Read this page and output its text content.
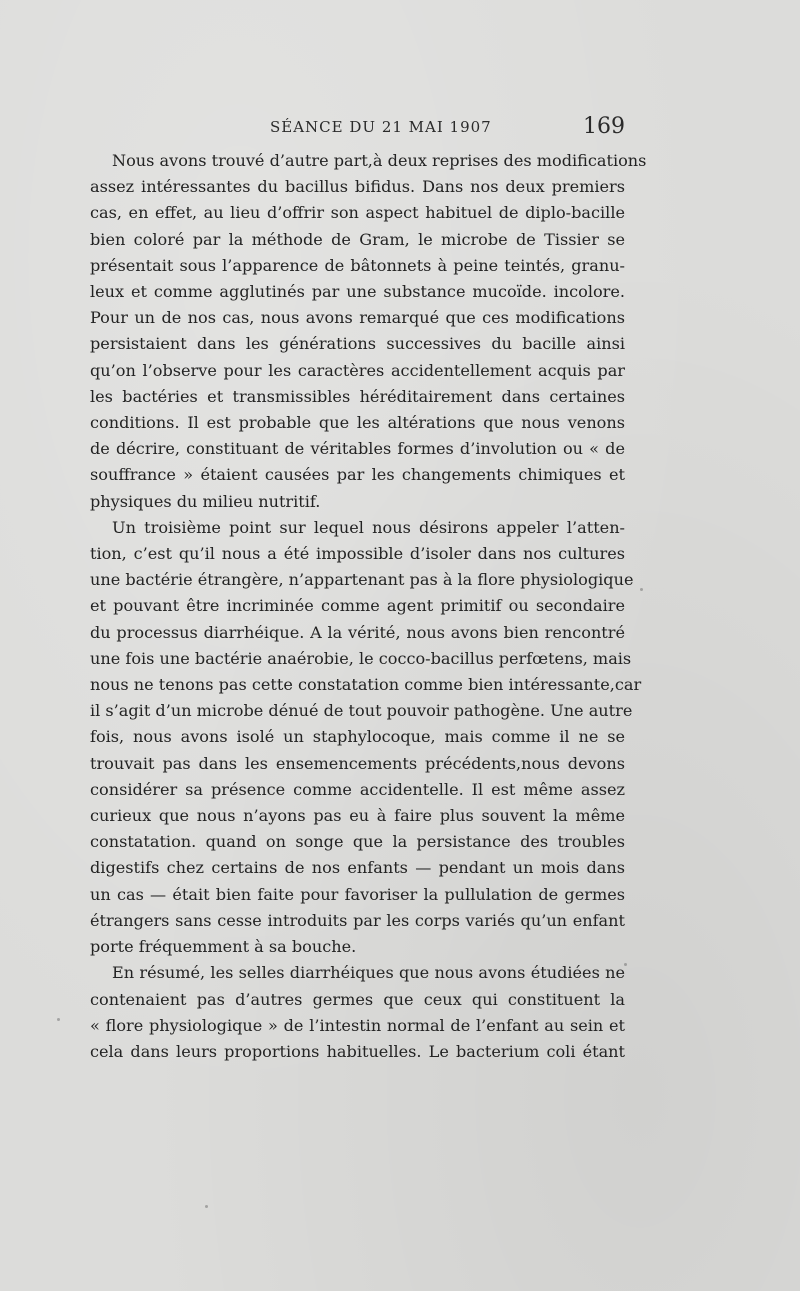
SÉANCE DU 21 MAI 1907	169
Nous avons trouvé d’autre part,à deux reprises des modifications
assez intéressantes du bacillus bifidus. Dans nos deux premiers
cas, en effet, au lieu d’offrir son aspect habituel de diplo-bacille
bien coloré par la méthode de Gram, le microbe de Tissier se
présentait sous l’apparence de bâtonnets à peine teintés, granu-
leux et comme agglutinés par une substance mucoïde. incolore.
Pour un de nos cas, nous avons remarqué que ces modifications
persistaient dans les générations successives du bacille ainsi
qu’on l’observe pour les caractères accidentellement acquis par
les bactéries et transmissibles héréditairement dans certaines
conditions. Il est probable que les altérations que nous venons
de décrire, constituant de véritables formes d’involution ou « de
souffrance » étaient causées par les changements chimiques et
physiques du milieu nutritif.
Un troisième point sur lequel nous désirons appeler l’atten-
tion, c’est qu’il nous a été impossible d’isoler dans nos cultures
une bactérie étrangère, n’appartenant pas à la flore physiologique
et pouvant être incriminée comme agent primitif ou secondaire
du processus diarrhéique. A la vérité, nous avons bien rencontré
une fois une bactérie anaérobie, le cocco-bacillus perfœtens, mais
nous ne tenons pas cette constatation comme bien intéressante,car
il s’agit d’un microbe dénué de tout pouvoir pathogène. Une autre
fois, nous avons isolé un staphylocoque, mais comme il ne se
trouvait pas dans les ensemencements précédents,nous devons
considérer sa présence comme accidentelle. Il est même assez
curieux que nous n’ayons pas eu à faire plus souvent la même
constatation. quand on songe que la persistance des troubles
digestifs chez certains de nos enfants — pendant un mois dans
un cas — était bien faite pour favoriser la pullulation de germes
étrangers sans cesse introduits par les corps variés qu’un enfant
porte fréquemment à sa bouche.
En résumé, les selles diarrhéiques que nous avons étudiées ne
contenaient pas d’autres germes que ceux qui constituent la
« flore physiologique » de l’intestin normal de l’enfant au sein et
cela dans leurs proportions habituelles. Le bacterium coli étant
